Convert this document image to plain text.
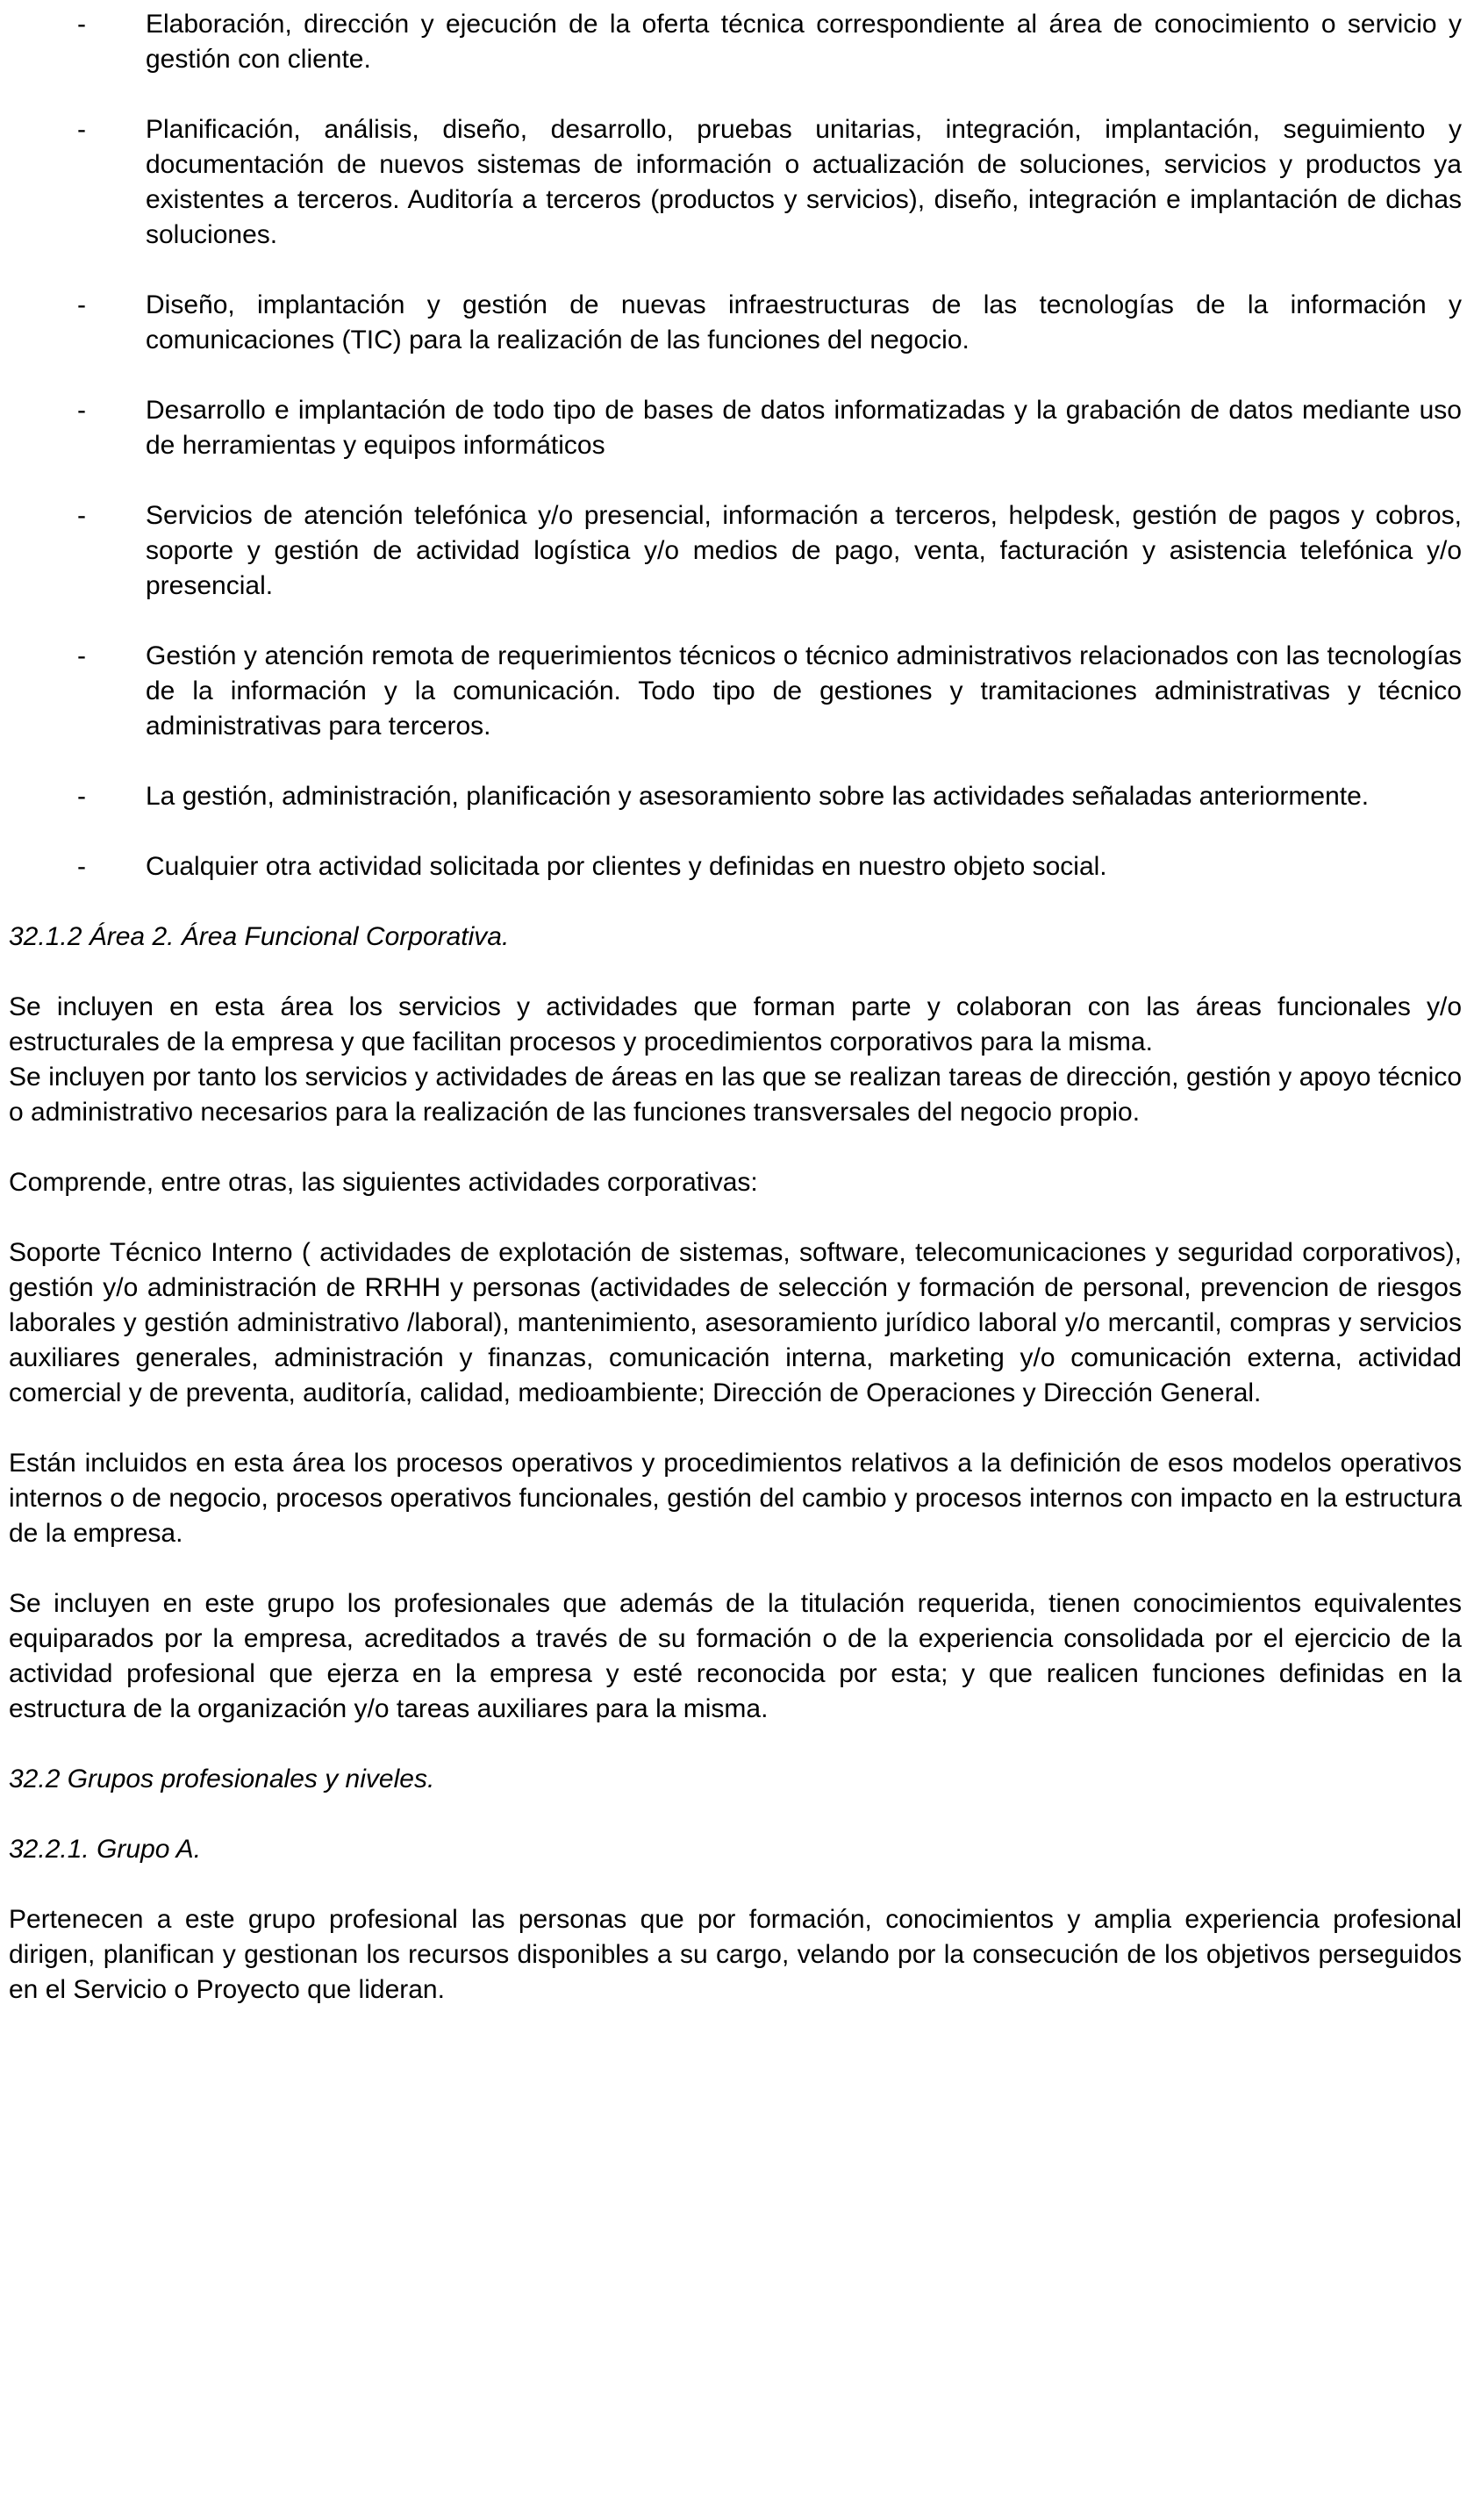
-	Elaboración, dirección y ejecución de la oferta técnica correspondiente al área de conocimiento o servicio y gestión con cliente.
-	Planificación, análisis, diseño, desarrollo, pruebas unitarias, integración, implantación, seguimiento y documentación de nuevos sistemas de información o actualización de soluciones, servicios y productos ya existentes a terceros. Auditoría a terceros (productos y servicios), diseño, integración e implantación de dichas soluciones.
-	Diseño, implantación y gestión de nuevas infraestructuras de las tecnologías de la información y comunicaciones (TIC) para la realización de las funciones del negocio.
-	Desarrollo e implantación de todo tipo de bases de datos informatizadas y la grabación de datos mediante uso de herramientas y equipos informáticos
-	Servicios de atención telefónica y/o presencial, información a terceros, helpdesk, gestión de pagos y cobros, soporte y gestión de actividad logística y/o medios de pago, venta, facturación y asistencia telefónica y/o presencial.
-	Gestión y atención remota de requerimientos técnicos o técnico administrativos relacionados con las tecnologías de la información y la comunicación. Todo tipo de gestiones y tramitaciones administrativas y técnico administrativas para terceros.
-	La gestión, administración, planificación y asesoramiento sobre las actividades señaladas anteriormente.
-	Cualquier otra actividad solicitada por clientes y definidas en nuestro objeto social.

32.1.2 Área 2. Área Funcional Corporativa.

Se incluyen en esta área los servicios y actividades que forman parte y colaboran con las áreas funcionales y/o estructurales de la empresa y que facilitan procesos y procedimientos corporativos para la misma.

Se incluyen por tanto los servicios y actividades de áreas en las que se realizan tareas de dirección, gestión y apoyo técnico o administrativo necesarios para la realización de las funciones transversales del negocio propio.

Comprende, entre otras, las siguientes actividades corporativas:

Soporte Técnico Interno ( actividades de explotación de sistemas, software, telecomunicaciones y seguridad corporativos), gestión y/o administración de RRHH y personas (actividades de selección y formación de personal, prevencion de riesgos laborales y gestión administrativo /laboral), mantenimiento, asesoramiento jurídico laboral y/o mercantil, compras y servicios auxiliares generales, administración y finanzas, comunicación interna, marketing y/o comunicación externa, actividad comercial y de preventa, auditoría, calidad, medioambiente; Dirección de Operaciones y Dirección General.

Están incluidos en esta área los procesos operativos y procedimientos relativos a la definición de esos modelos operativos internos o de negocio, procesos operativos funcionales, gestión del cambio y procesos internos con impacto en la estructura de la empresa.

Se incluyen en este grupo los profesionales que además de la titulación requerida, tienen conocimientos equivalentes equiparados por la empresa, acreditados a través de su formación o de la experiencia consolidada por el ejercicio de la actividad profesional que ejerza en la empresa y esté reconocida por esta; y que realicen funciones definidas en la estructura de la organización y/o tareas auxiliares para la misma.

32.2 Grupos profesionales y niveles.

32.2.1. Grupo A.

Pertenecen a este grupo profesional las personas que por formación, conocimientos y amplia experiencia profesional dirigen, planifican y gestionan los recursos disponibles a su cargo, velando por la consecución de los objetivos perseguidos en el Servicio o Proyecto que lideran.
